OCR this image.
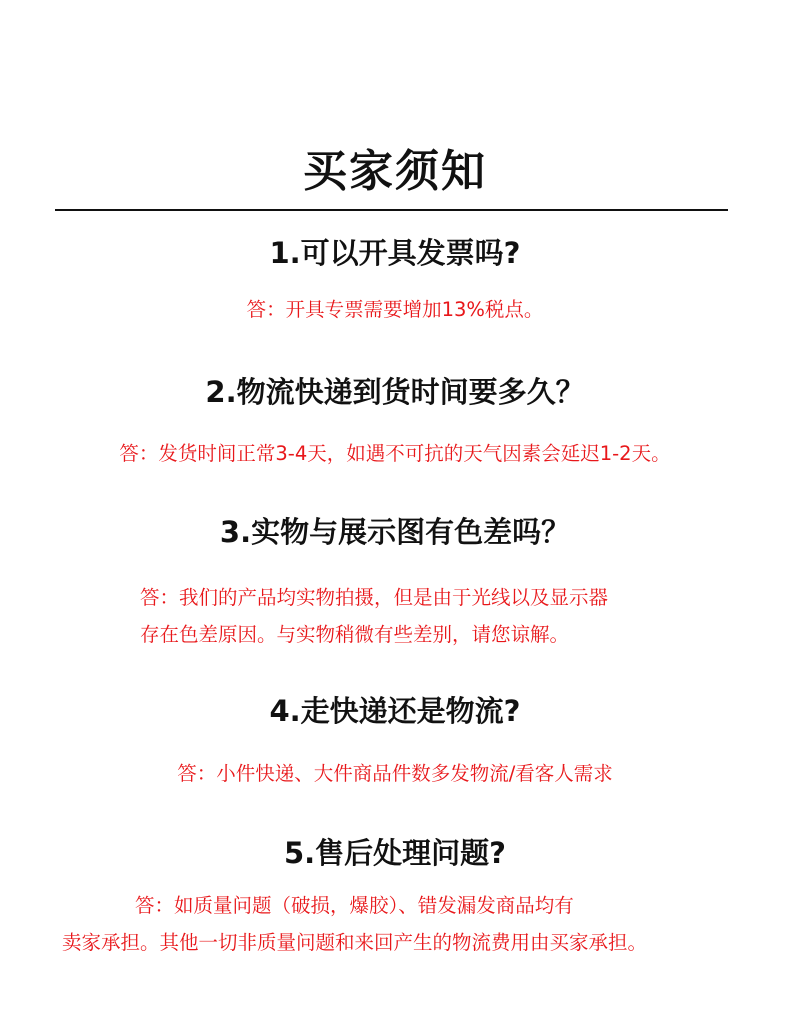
买家须知
1.可以开具发票吗?
答：开具专票需要增加13%税点。
2.物流快递到货时间要多久？
答：发货时间正常3-4天，如遇不可抗的天气因素会延迟1-2天。
3.实物与展示图有色差吗？
答：我们的产品均实物拍摄，但是由于光线以及显示器
存在色差原因。与实物稍微有些差别，请您谅解。
4.走快递还是物流?
答：小件快递、大件商品件数多发物流/看客人需求
5.售后处理问题?
答：如质量问题（破损，爆胶）、错发漏发商品均有
卖家承担。其他一切非质量问题和来回产生的物流费用由买家承担。
